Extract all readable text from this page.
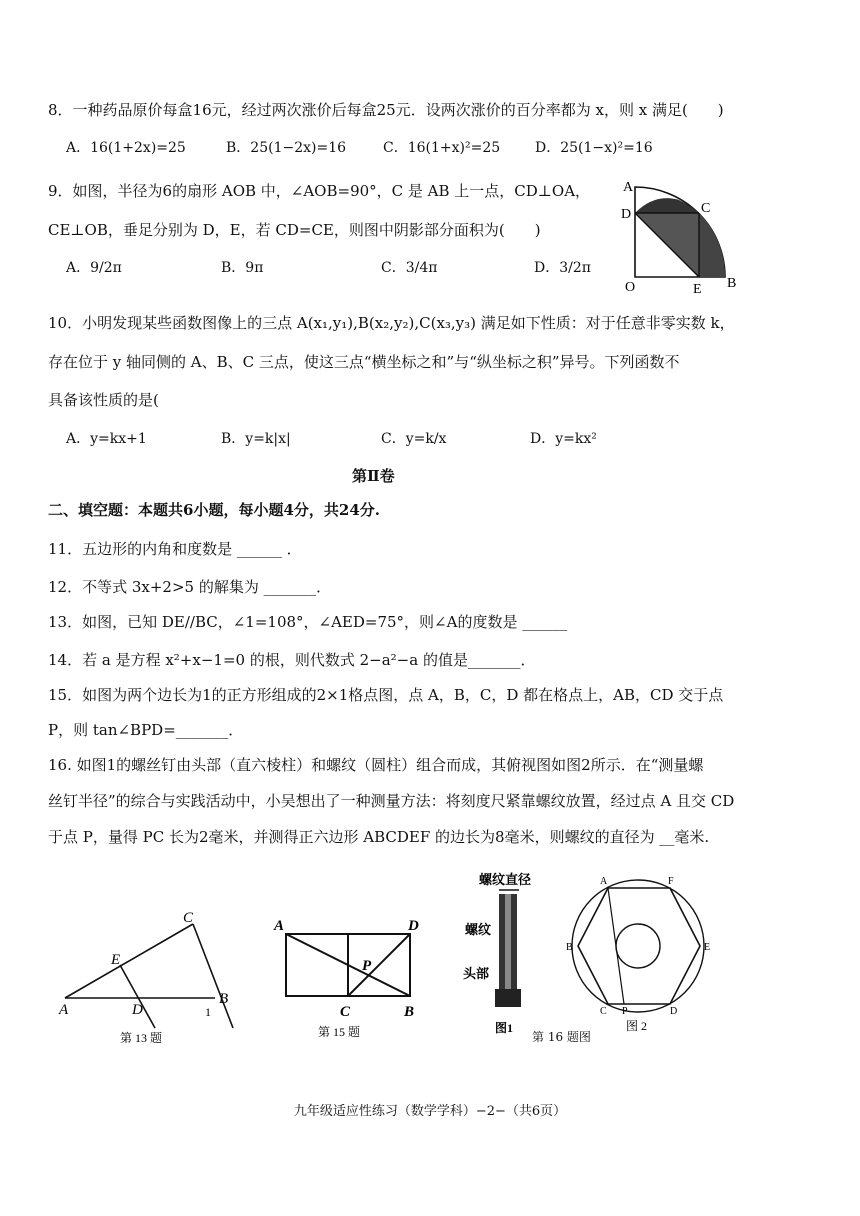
8．一种药品原价每盒16元，经过两次涨价后每盒25元．设两次涨价的百分率都为 x，则 x 满足(　　)
A．16(1+2x)=25	B．25(1−2x)=16	C．16(1+x)²=25 D．25(1−x)²=16
9．如图，半径为6的扇形 AOB 中，∠AOB=90°，C 是 AB 上一点，CD⊥OA，
CE⊥OB，垂足分别为 D，E，若 CD=CE，则图中阴影部分面积为(　　)
A．9/2π	B．9π	C．3/4π	D．3/2π
A
D	C
O	E B
10．小明发现某些函数图像上的三点 A(x₁,y₁),B(x₂,y₂),C(x₃,y₃) 满足如下性质：对于任意非零实数 k，
存在位于 y 轴同侧的 A、B、C 三点，使这三点“横坐标之和”与“纵坐标之积”异号。下列函数不
具备该性质的是(
A．y=kx+1	B．y=k|x|	C．y=k/x	D．y=kx²
第Ⅱ卷
二、填空题：本题共6小题，每小题4分，共24分.
11．五边形的内角和度数是 ______ ．
12．不等式 3x+2>5 的解集为 _______．
13．如图，已知 DE//BC，∠1=108°，∠AED=75°，则∠A的度数是 ______
14．若 a 是方程 x²+x−1=0 的根，则代数式 2−a²−a 的值是_______．
15．如图为两个边长为1的正方形组成的2×1格点图，点 A，B，C，D 都在格点上，AB，CD 交于点
P，则 tan∠BPD=_______．
16. 如图1的螺丝钉由头部（直六棱柱）和螺纹（圆柱）组合而成，其俯视图如图2所示．在“测量螺
丝钉半径”的综合与实践活动中，小吴想出了一种测量方法：将刻度尺紧靠螺纹放置，经过点 A 且交 CD
于点 P，量得 PC 长为2毫米，并测得正六边形 ABCDEF 的边长为8毫米，则螺纹的直径为 __毫米.
C
E
A	D
B
1
第 13 题
A	D
P
C	B
第 15 题
螺纹直径
螺纹
头部
图1
A	F
B	E
C P	D
图 2
第 16 题图
九年级适应性练习（数学学科）−2−（共6页）
